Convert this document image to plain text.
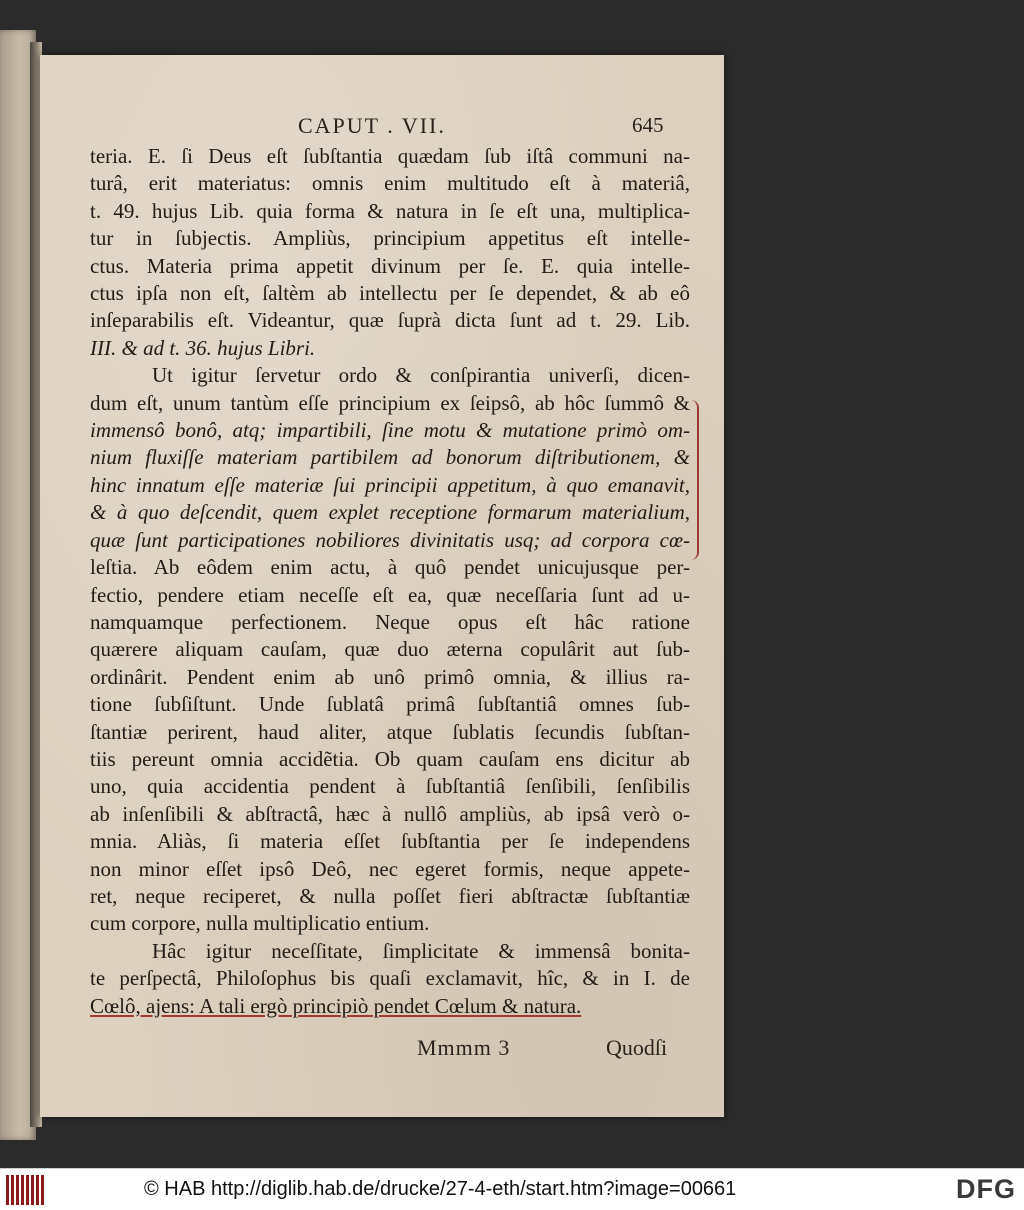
CAPUT . VII.	645
teria. E. ſi Deus eſt ſubſtantia quædam ſub iſtâ communi na-
turâ, erit materiatus: omnis enim multitudo eſt à materiâ,
t. 49. hujus Lib. quia forma & natura in ſe eſt una, multiplica-
tur in ſubjectis. Ampliùs, principium appetitus eſt intelle-
ctus. Materia prima appetit divinum per ſe. E. quia intelle-
ctus ipſa non eſt, ſaltèm ab intellectu per ſe dependet, & ab eô
inſeparabilis eſt. Videantur, quæ ſuprà dicta ſunt ad t. 29. Lib.
III. & ad t. 36. hujus Libri.
Ut igitur ſervetur ordo & conſpirantia univerſi, dicen-
dum eſt, unum tantùm eſſe principium ex ſeipsô, ab hôc ſummô &
immensô bonô, atq; impartibili, ſine motu & mutatione primò om-
nium fluxiſſe materiam partibilem ad bonorum diſtributionem, &
hinc innatum eſſe materiæ ſui principii appetitum, à quo emanavit,
& à quo deſcendit, quem explet receptione formarum materialium,
quæ ſunt participationes nobiliores divinitatis usq; ad corpora cœ-
leſtia. Ab eôdem enim actu, à quô pendet unicujusque per-
fectio, pendere etiam neceſſe eſt ea, quæ neceſſaria ſunt ad u-
namquamque perfectionem. Neque opus eſt hâc ratione
quærere aliquam cauſam, quæ duo æterna copulârit aut ſub-
ordinârit. Pendent enim ab unô primô omnia, & illius ra-
tione ſubſiſtunt. Unde ſublatâ primâ ſubſtantiâ omnes ſub-
ſtantiæ perirent, haud aliter, atque ſublatis ſecundis ſubſtan-
tiis pereunt omnia accidẽtia. Ob quam cauſam ens dicitur ab
uno, quia accidentia pendent à ſubſtantiâ ſenſibili, ſenſibilis
ab inſenſibili & abſtractâ, hæc à nullô ampliùs, ab ipsâ verò o-
mnia. Aliàs, ſi materia eſſet ſubſtantia per ſe independens
non minor eſſet ipsô Deô, nec egeret formis, neque appete-
ret, neque reciperet, & nulla poſſet fieri abſtractæ ſubſtantiæ
cum corpore, nulla multiplicatio entium.
Hâc igitur neceſſitate, ſimplicitate & immensâ bonita-
te perſpectâ, Philoſophus bis quaſi exclamavit, hîc, & in I. de
Cœlô, ajens: A tali ergò principiò pendet Cœlum & natura.
Mmmm 3	Quodſi
© HAB http://diglib.hab.de/drucke/27-4-eth/start.htm?image=00661	DFG
